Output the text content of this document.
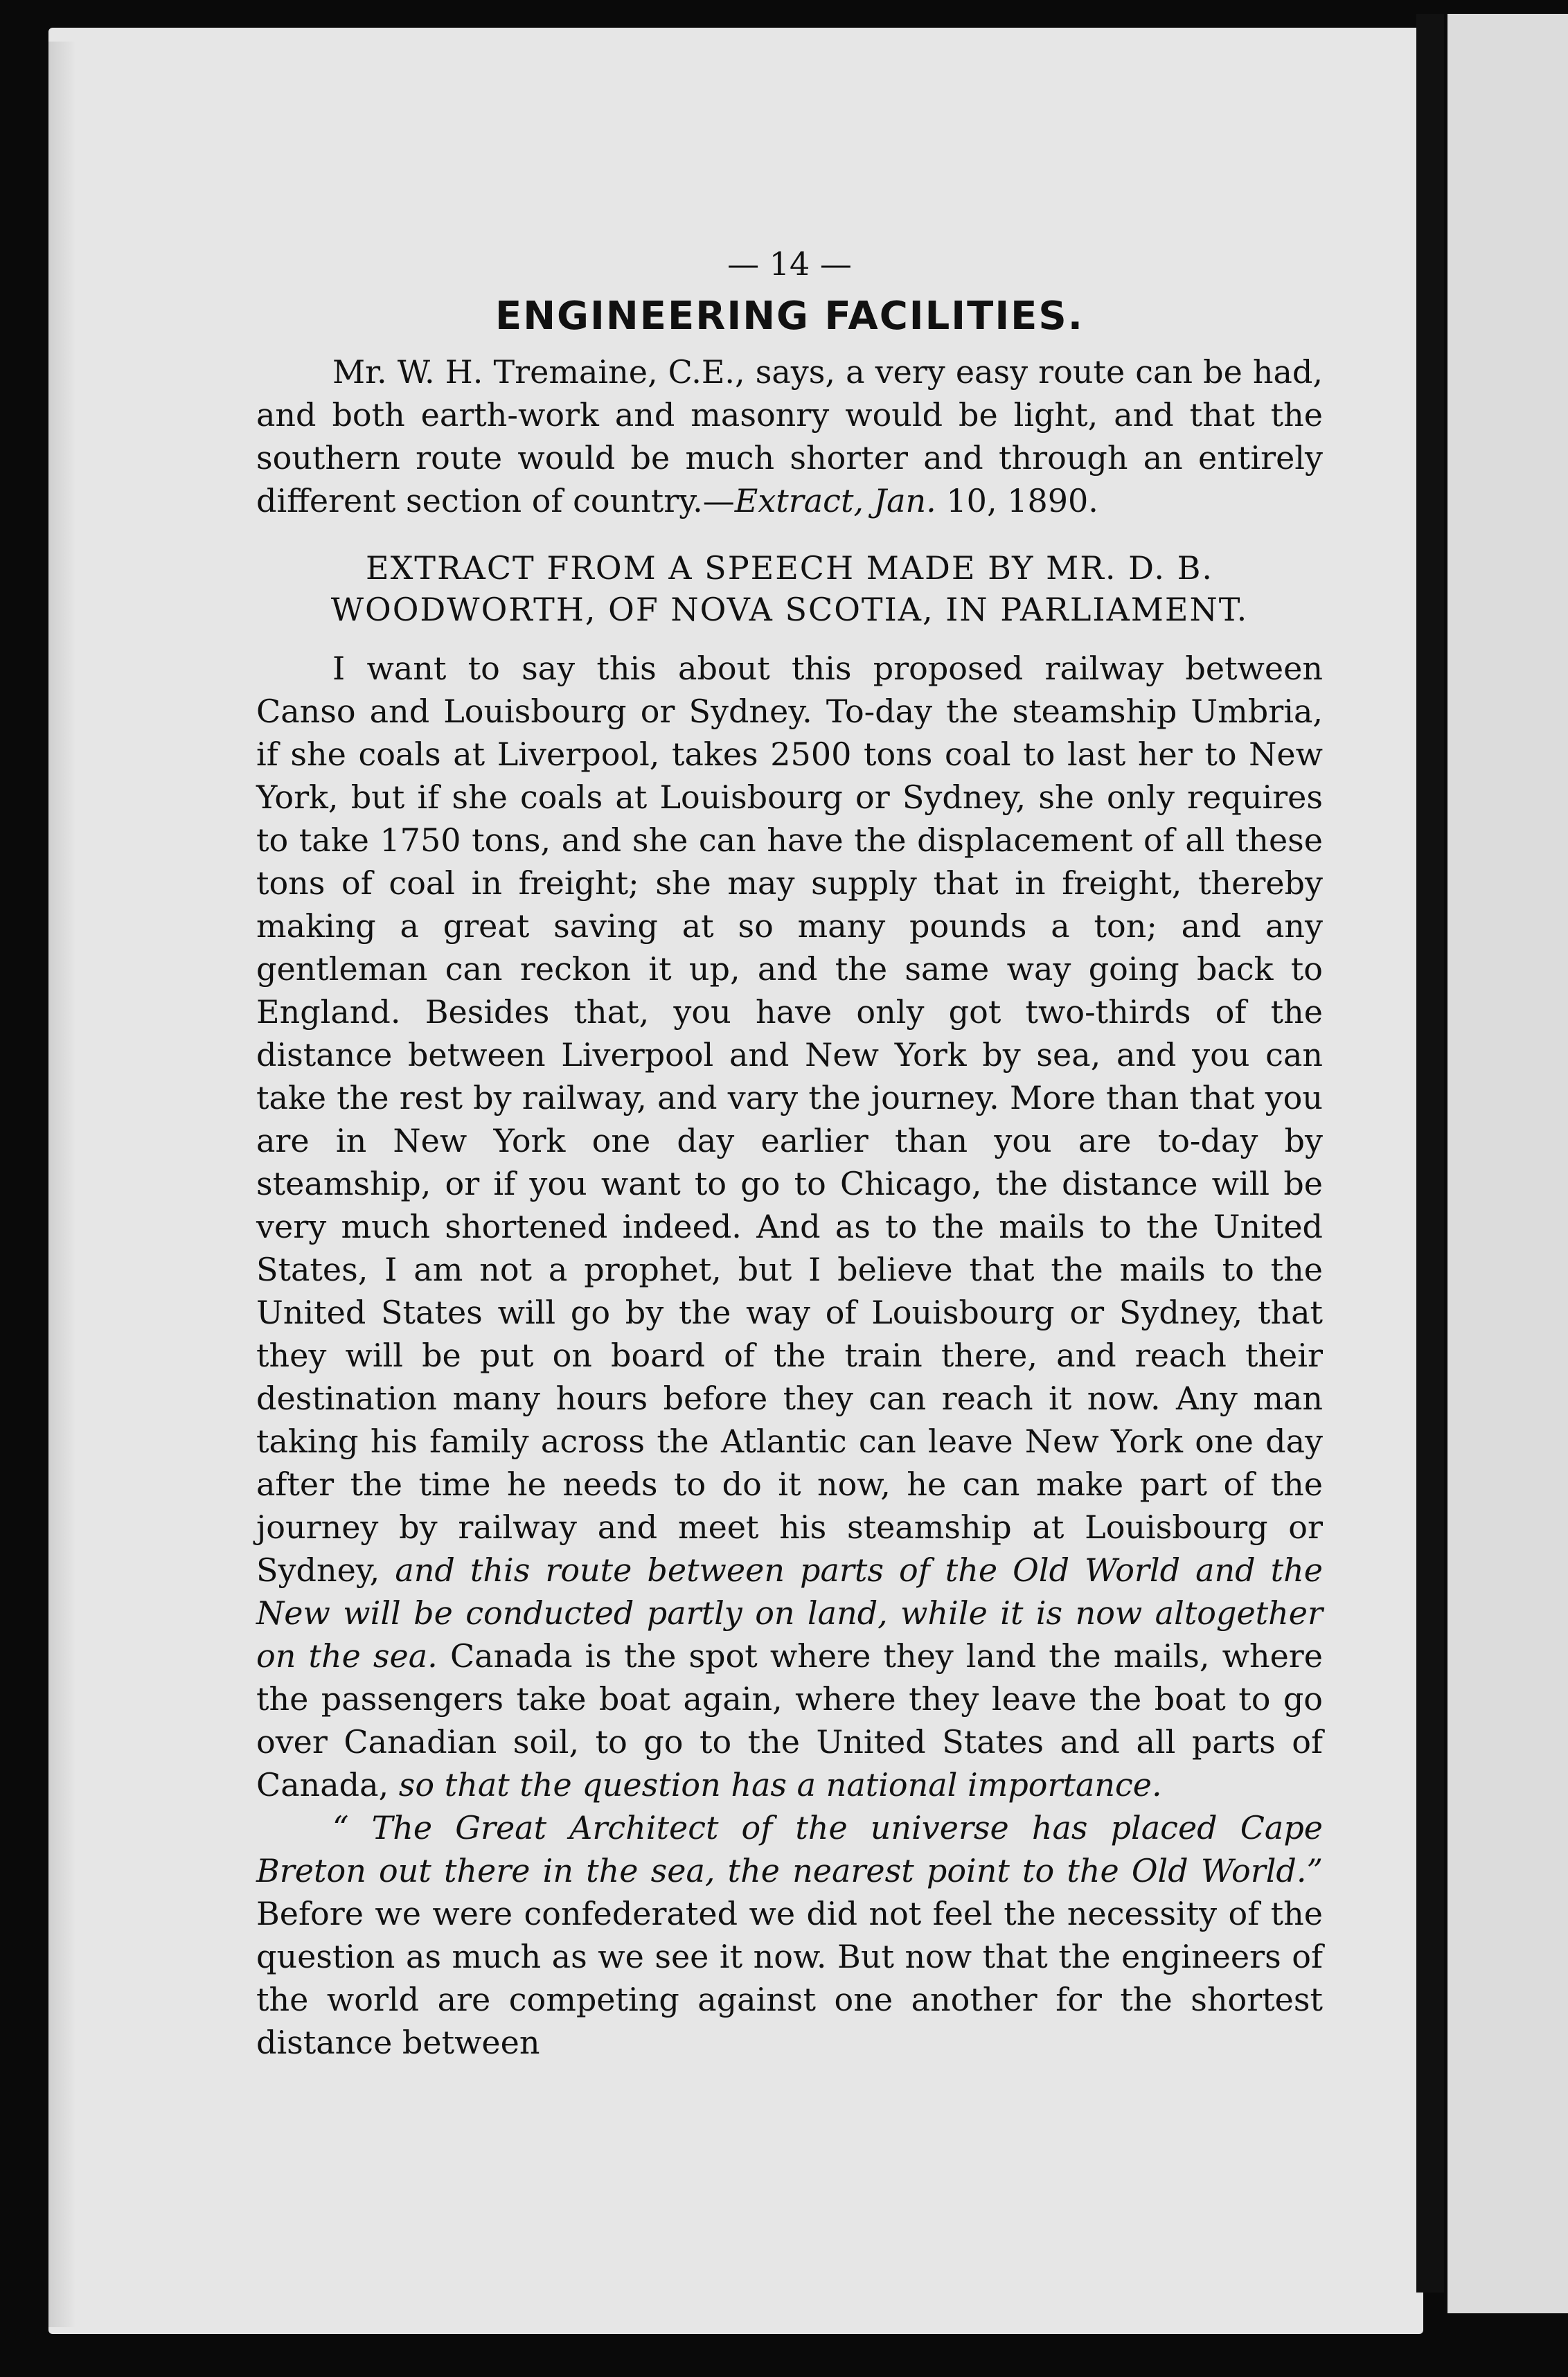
— 14 —
ENGINEERING FACILITIES.

Mr. W. H. Tremaine, C.E., says, a very easy route can be had, and both earth-work and masonry would be light, and that the southern route would be much shorter and through an entirely different section of country.—Extract, Jan. 10, 1890.

EXTRACT FROM A SPEECH MADE BY MR. D. B. WOODWORTH, OF NOVA SCOTIA, IN PARLIAMENT.

I want to say this about this proposed railway between Canso and Louisbourg or Sydney. To-day the steamship Umbria, if she coals at Liverpool, takes 2500 tons coal to last her to New York, but if she coals at Louisbourg or Sydney, she only requires to take 1750 tons, and she can have the displacement of all these tons of coal in freight; she may supply that in freight, thereby making a great saving at so many pounds a ton; and any gentleman can reckon it up, and the same way going back to England. Besides that, you have only got two-thirds of the distance between Liverpool and New York by sea, and you can take the rest by railway, and vary the journey. More than that you are in New York one day earlier than you are to-day by steamship, or if you want to go to Chicago, the distance will be very much shortened indeed. And as to the mails to the United States, I am not a prophet, but I believe that the mails to the United States will go by the way of Louisbourg or Sydney, that they will be put on board of the train there, and reach their destination many hours before they can reach it now. Any man taking his family across the Atlantic can leave New York one day after the time he needs to do it now, he can make part of the journey by railway and meet his steamship at Louisbourg or Sydney, and this route between parts of the Old World and the New will be conducted partly on land, while it is now altogether on the sea. Canada is the spot where they land the mails, where the passengers take boat again, where they leave the boat to go over Canadian soil, to go to the United States and all parts of Canada, so that the question has a national importance.

“ The Great Architect of the universe has placed Cape Breton out there in the sea, the nearest point to the Old World.” Before we were confederated we did not feel the necessity of the question as much as we see it now. But now that the engineers of the world are competing against one another for the shortest distance between
